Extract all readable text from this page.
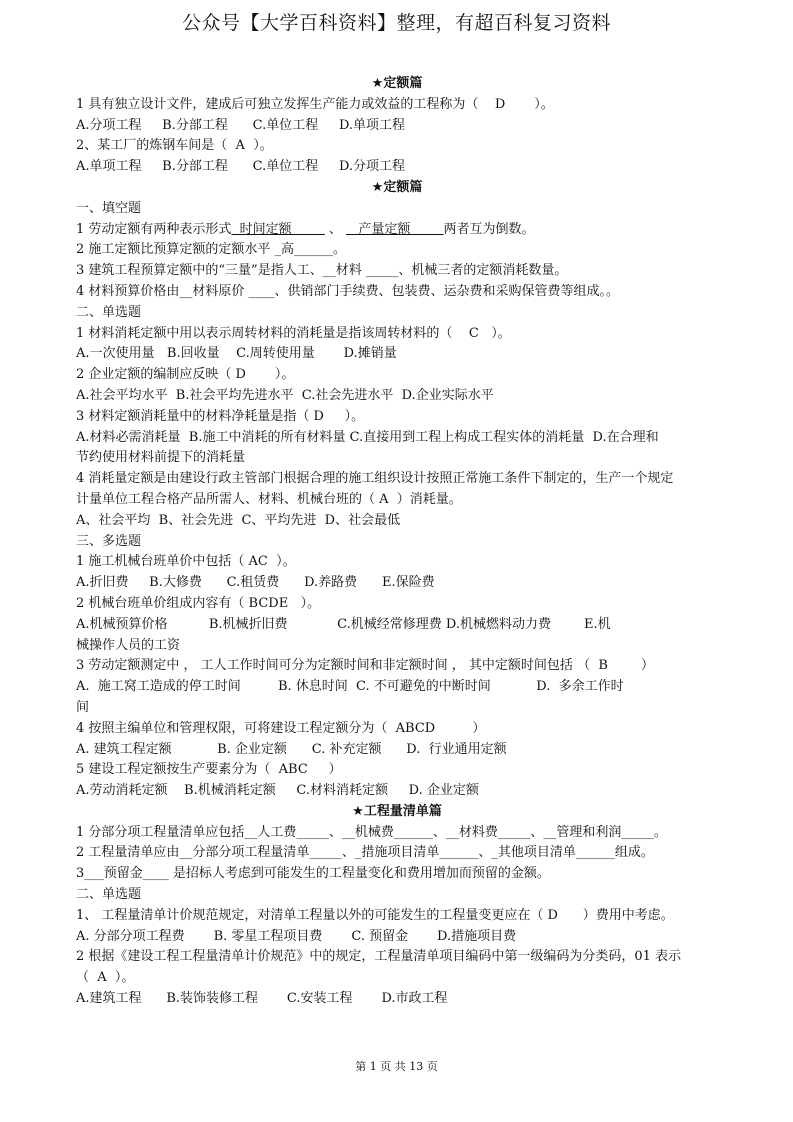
公众号【大学百科资料】整理，有超百科复习资料
★定额篇
1 具有独立设计文件，建成后可独立发挥生产能力或效益的工程称为（    D       ）。
A.分项工程     B.分部工程      C.单位工程     D.单项工程
2、某工厂的炼钢车间是（  A  ）。
A.单项工程     B.分部工程      C.单位工程     D.分项工程
★定额篇
一、填空题
1 劳动定额有两种表示形式  时间定额         、    产量定额        两者互为倒数。
2 施工定额比预算定额的定额水平 _高______。
3 建筑工程预算定额中的“三量”是指人工、__材料 _____、机械三者的定额消耗数量。
4 材料预算价格由__材料原价 ____、供销部门手续费、包装费、运杂费和采购保管费等组成。。
二、单选题
1 材料消耗定额中用以表示周转材料的消耗量是指该周转材料的（    C   ）。
A.一次使用量   B.回收量    C.周转使用量       D.摊销量
2 企业定额的编制应反映（ D       ）。
A.社会平均水平  B.社会平均先进水平  C.社会先进水平  D.企业实际水平
3 材料定额消耗量中的材料净耗量是指（ D     ）。
A.材料必需消耗量  B.施工中消耗的所有材料量 C.直接用到工程上构成工程实体的消耗量  D.在合理和
节约使用材料前提下的消耗量
4 消耗量定额是由建设行政主管部门根据合理的施工组织设计按照正常施工条件下制定的，生产一个规定
计量单位工程合格产品所需人、材料、机械台班的（ A  ）消耗量。
A、社会平均  B、社会先进  C、平均先进  D、社会最低
三、多选题
1 施工机械台班单价中包括（ AC  ）。
A.折旧费     B.大修费      C.租赁费      D.养路费      E.保险费
2 机械台班单价组成内容有（ BCDE   ）。
A.机械预算价格          B.机械折旧费            C.机械经常修理费 D.机械燃料动力费        E.机
械操作人员的工资
3 劳动定额测定中 ， 工人工作时间可分为定额时间和非定额时间 ， 其中定额时间包括 （  B        ）
A.  施工窝工造成的停工时间         B. 休息时间  C. 不可避免的中断时间           D.  多余工作时
间
4 按照主编单位和管理权限，可将建设工程定额分为（  ABCD         ）
A. 建筑工程定额           B. 企业定额      C. 补充定额      D.  行业通用定额
5 建设工程定额按生产要素分为（  ABC     ）
A.劳动消耗定额    B.机械消耗定额     C.材料消耗定额     D. 企业定额
★工程量清单篇
1 分部分项工程量清单应包括__人工费_____、__机械费______、__材料费_____、__管理和利润_____。
2 工程量清单应由__分部分项工程量清单_____、_措施项目清单______、_其他项目清单______组成。
3___预留金____ 是招标人考虑到可能发生的工程量变化和费用增加而预留的金额。
二、单选题
1、 工程量清单计价规范规定，对清单工程量以外的可能发生的工程量变更应在（ D      ）费用中考虑。
A. 分部分项工程费       B. 零星工程项目费       C. 预留金       D.措施项目费
2 根据《建设工程工程量清单计价规范》中的规定，工程量清单项目编码中第一级编码为分类码，01 表示
（  A  ）。
A.建筑工程      B.装饰装修工程       C.安装工程       D.市政工程
第 1 页 共 13 页
